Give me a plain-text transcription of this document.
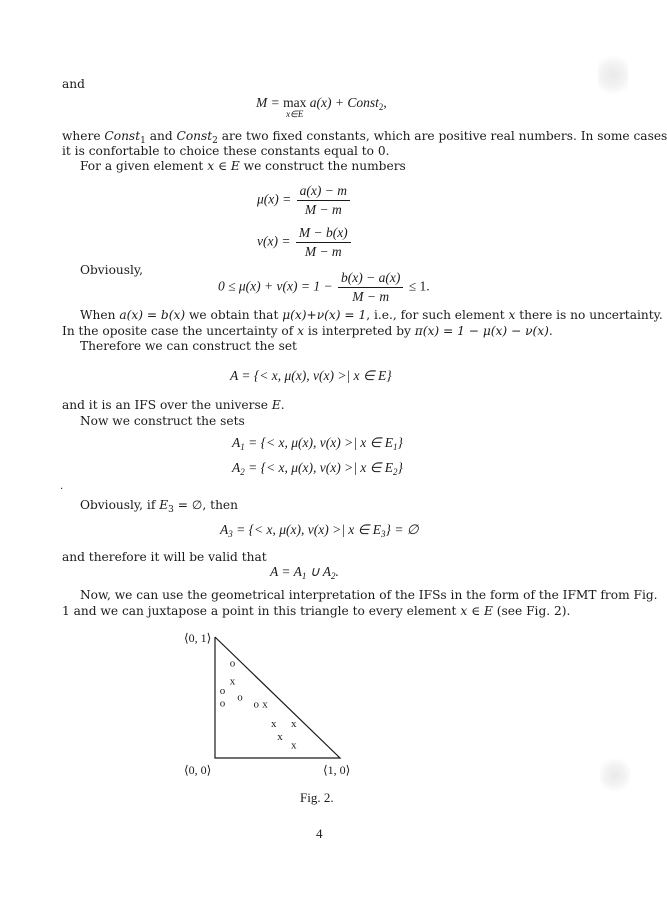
and
M = max
x∈E
a(x) + Const$_2$,
where Const$_1$ and Const$_2$ are two fixed constants, which are positive real numbers. In some cases
it is confortable to choice these constants equal to 0.
For a given element x ∈ E we construct the numbers
$\mu(x) = \frac{a(x) - m}{M - m}$
$\nu(x) = \frac{M - b(x)}{M - m}$
Obviously,
$0 \le \mu(x) + \nu(x) = 1 - \frac{b(x) - a(x)}{M - m} \le 1$.
When a(x) = b(x) we obtain that μ(x)+ν(x) = 1, i.e., for such element x there is no uncertainty.
In the oposite case the uncertainty of x is interpreted by π(x) = 1 − μ(x) − ν(x).
Therefore we can construct the set
A = {< x, μ(x), ν(x) >| x ∈ E}
and it is an IFS over the universe E.
Now we construct the sets
$A_1$ = {< x, μ(x), ν(x) >| x ∈ $E_1$}
$A_2$ = {< x, μ(x), ν(x) >| x ∈ $E_2$}
·
Obviously, if $E_3$ = ∅, then
$A_3$ = {< x, μ(x), ν(x) >| x ∈ $E_3$} = ∅
and therefore it will be valid that
$A = A_1$ ∪ $A_2$.
Now, we can use the geometrical interpretation of the IFSs in the form of the IFMT from Fig.
1 and we can juxtapose a point in this triangle to every element x ∈ E (see Fig. 2).
⟨0, 1⟩
⟨0, 0⟩	⟨1, 0⟩
o
x
o
o
o	o x
x x
x
x
Fig. 2.
4
